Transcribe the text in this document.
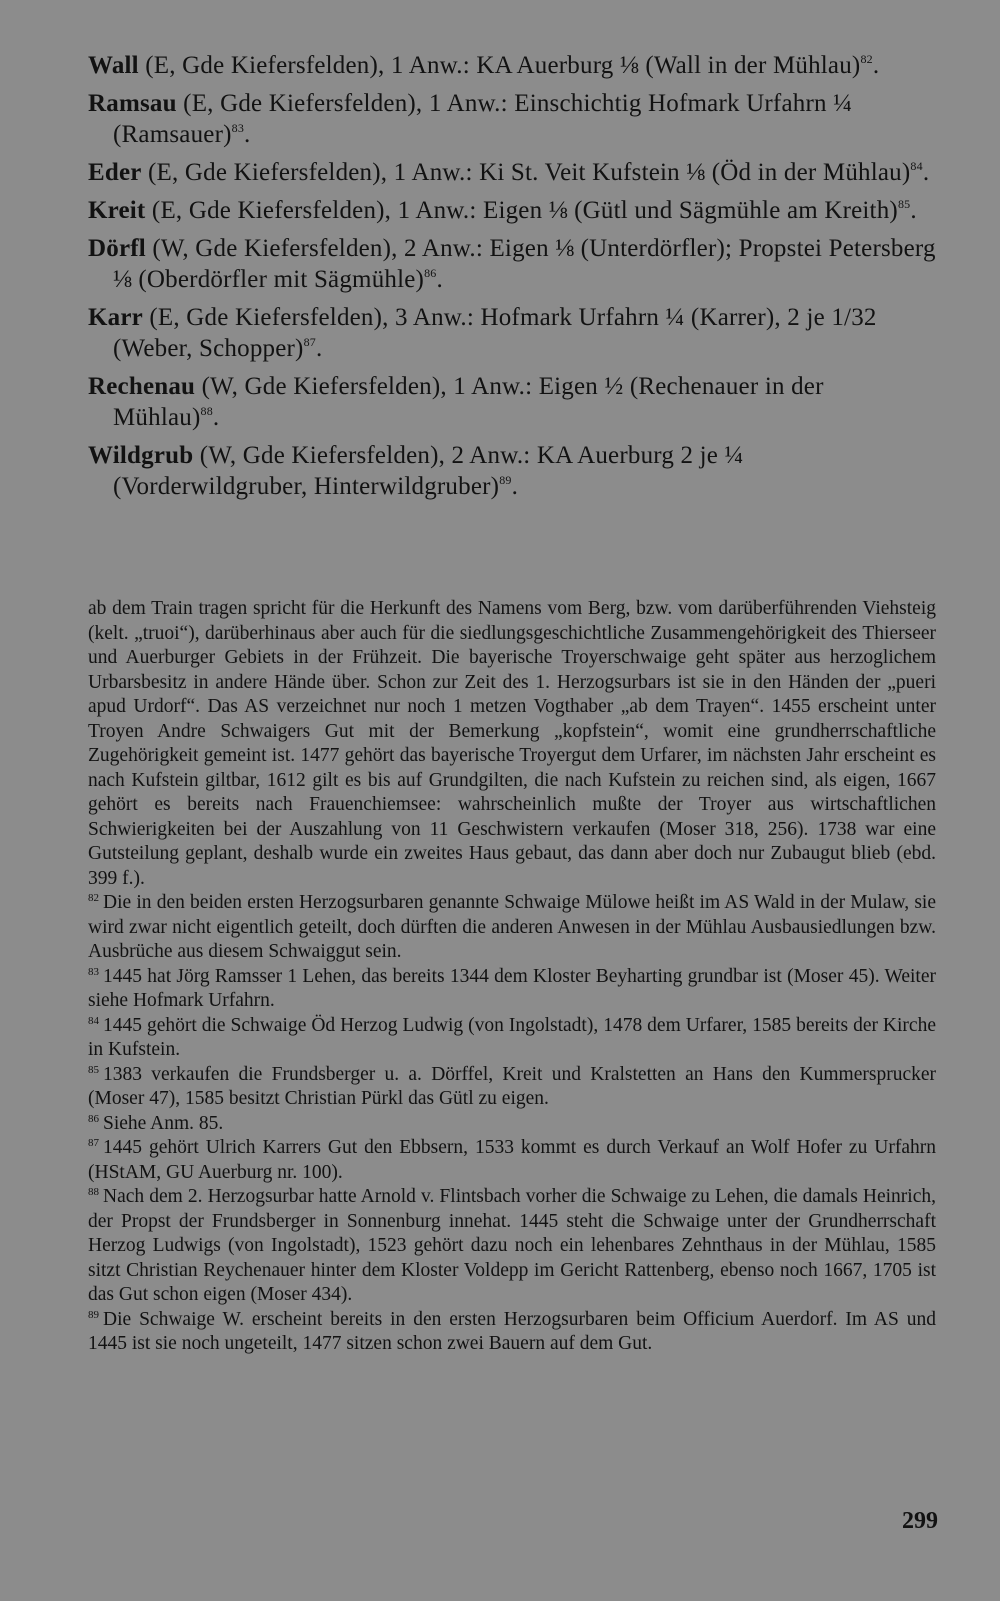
Wall (E, Gde Kiefersfelden), 1 Anw.: KA Auerburg ⅛ (Wall in der Mühlau)$^{82}$.

Ramsau (E, Gde Kiefersfelden), 1 Anw.: Einschichtig Hofmark Urfahrn ¼ (Ramsauer)$^{83}$.

Eder (E, Gde Kiefersfelden), 1 Anw.: Ki St. Veit Kufstein ⅛ (Öd in der Mühlau)$^{84}$.

Kreit (E, Gde Kiefersfelden), 1 Anw.: Eigen ⅛ (Gütl und Sägmühle am Kreith)$^{85}$.

Dörfl (W, Gde Kiefersfelden), 2 Anw.: Eigen ⅛ (Unterdörfler); Propstei Petersberg ⅛ (Oberdörfler mit Sägmühle)$^{86}$.

Karr (E, Gde Kiefersfelden), 3 Anw.: Hofmark Urfahrn ¼ (Karrer), 2 je 1/32 (Weber, Schopper)$^{87}$.

Rechenau (W, Gde Kiefersfelden), 1 Anw.: Eigen ½ (Rechenauer in der Mühlau)$^{88}$.

Wildgrub (W, Gde Kiefersfelden), 2 Anw.: KA Auerburg 2 je ¼ (Vorderwildgruber, Hinterwildgruber)$^{89}$.

ab dem Train tragen spricht für die Herkunft des Namens vom Berg, bzw. vom darüberführenden Viehsteig (kelt. „truoi“), darüberhinaus aber auch für die siedlungsgeschichtliche Zusammengehörigkeit des Thierseer und Auerburger Gebiets in der Frühzeit. Die bayerische Troyerschwaige geht später aus herzoglichem Urbarsbesitz in andere Hände über. Schon zur Zeit des 1. Herzogsurbars ist sie in den Händen der „pueri apud Urdorf“. Das AS verzeichnet nur noch 1 metzen Vogthaber „ab dem Trayen“. 1455 erscheint unter Troyen Andre Schwaigers Gut mit der Bemerkung „kopfstein“, womit eine grundherrschaftliche Zugehörigkeit gemeint ist. 1477 gehört das bayerische Troyergut dem Urfarer, im nächsten Jahr erscheint es nach Kufstein giltbar, 1612 gilt es bis auf Grundgilten, die nach Kufstein zu reichen sind, als eigen, 1667 gehört es bereits nach Frauenchiemsee: wahrscheinlich mußte der Troyer aus wirtschaftlichen Schwierigkeiten bei der Auszahlung von 11 Geschwistern verkaufen (Moser 318, 256). 1738 war eine Gutsteilung geplant, deshalb wurde ein zweites Haus gebaut, das dann aber doch nur Zubaugut blieb (ebd. 399 f.).

$^{82}$ Die in den beiden ersten Herzogsurbaren genannte Schwaige Mülowe heißt im AS Wald in der Mulaw, sie wird zwar nicht eigentlich geteilt, doch dürften die anderen Anwesen in der Mühlau Ausbausiedlungen bzw. Ausbrüche aus diesem Schwaiggut sein.

$^{83}$ 1445 hat Jörg Ramsser 1 Lehen, das bereits 1344 dem Kloster Beyharting grundbar ist (Moser 45). Weiter siehe Hofmark Urfahrn.

$^{84}$ 1445 gehört die Schwaige Öd Herzog Ludwig (von Ingolstadt), 1478 dem Urfarer, 1585 bereits der Kirche in Kufstein.

$^{85}$ 1383 verkaufen die Frundsberger u. a. Dörffel, Kreit und Kralstetten an Hans den Kummersprucker (Moser 47), 1585 besitzt Christian Pürkl das Gütl zu eigen.

$^{86}$ Siehe Anm. 85.

$^{87}$ 1445 gehört Ulrich Karrers Gut den Ebbsern, 1533 kommt es durch Verkauf an Wolf Hofer zu Urfahrn (HStAM, GU Auerburg nr. 100).

$^{88}$ Nach dem 2. Herzogsurbar hatte Arnold v. Flintsbach vorher die Schwaige zu Lehen, die damals Heinrich, der Propst der Frundsberger in Sonnenburg innehat. 1445 steht die Schwaige unter der Grundherrschaft Herzog Ludwigs (von Ingolstadt), 1523 gehört dazu noch ein lehenbares Zehnthaus in der Mühlau, 1585 sitzt Christian Reychenauer hinter dem Kloster Voldepp im Gericht Rattenberg, ebenso noch 1667, 1705 ist das Gut schon eigen (Moser 434).

$^{89}$ Die Schwaige W. erscheint bereits in den ersten Herzogsurbaren beim Officium Auerdorf. Im AS und 1445 ist sie noch ungeteilt, 1477 sitzen schon zwei Bauern auf dem Gut.

299
